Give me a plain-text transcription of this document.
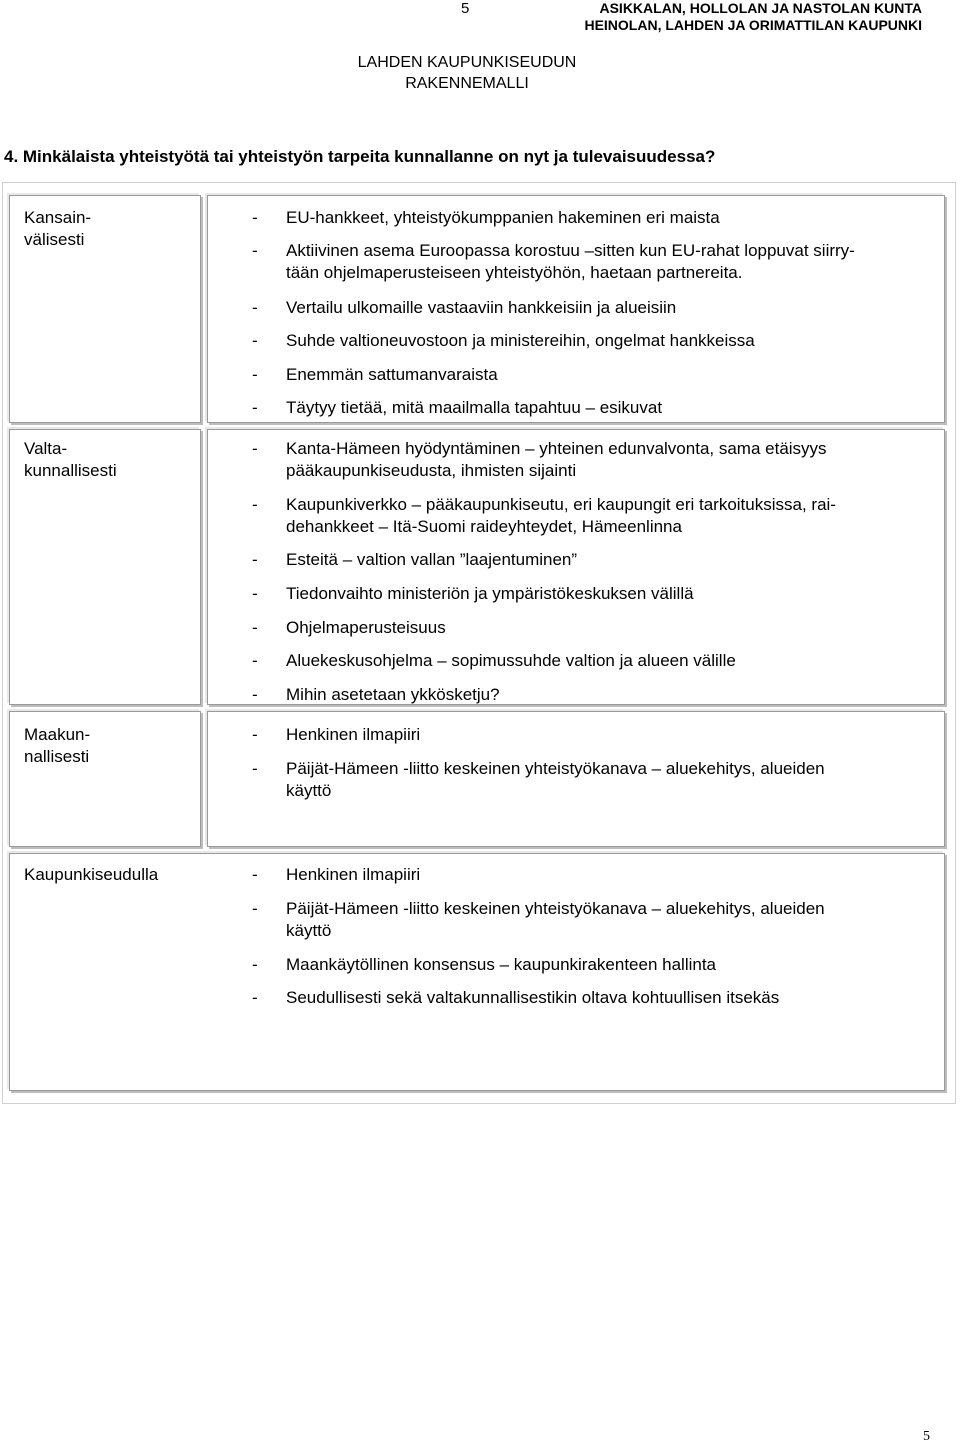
5	ASIKKALAN, HOLLOLAN JA NASTOLAN KUNTA
HEINOLAN, LAHDEN JA ORIMATTILAN KAUPUNKI
LAHDEN KAUPUNKISEUDUN
RAKENNEMALLI
4. Minkälaista yhteistyötä tai yhteistyön tarpeita kunnallanne on nyt ja tulevaisuudessa?
Kansain-
välisesti
Valta-
kunnallisesti
Maakun-
nallisesti
Kaupunkiseudulla
- EU-hankkeet, yhteistyökumppanien hakeminen eri maista
- Aktiivinen asema Euroopassa korostuu –sitten kun EU-rahat loppuvat siirry-
tään ohjelmaperusteiseen yhteistyöhön, haetaan partnereita.
- Vertailu ulkomaille vastaaviin hankkeisiin ja alueisiin
- Suhde valtioneuvostoon ja ministereihin, ongelmat hankkeissa
- Enemmän sattumanvaraista
- Täytyy tietää, mitä maailmalla tapahtuu – esikuvat
- Kanta-Hämeen hyödyntäminen – yhteinen edunvalvonta, sama etäisyys
pääkaupunkiseudusta, ihmisten sijainti
- Kaupunkiverkko – pääkaupunkiseutu, eri kaupungit eri tarkoituksissa, rai-
dehankkeet – Itä-Suomi raideyhteydet, Hämeenlinna
- Esteitä – valtion vallan ”laajentuminen”
- Tiedonvaihto ministeriön ja ympäristökeskuksen välillä
- Ohjelmaperusteisuus
- Aluekeskusohjelma – sopimussuhde valtion ja alueen välille
- Mihin asetetaan ykkösketju?
- Henkinen ilmapiiri
- Päijät-Hämeen -liitto keskeinen yhteistyökanava – aluekehitys, alueiden
käyttö
- Henkinen ilmapiiri
- Päijät-Hämeen -liitto keskeinen yhteistyökanava – aluekehitys, alueiden
käyttö
- Maankäytöllinen konsensus – kaupunkirakenteen hallinta
- Seudullisesti sekä valtakunnallisestikin oltava kohtuullisen itsekäs
5
